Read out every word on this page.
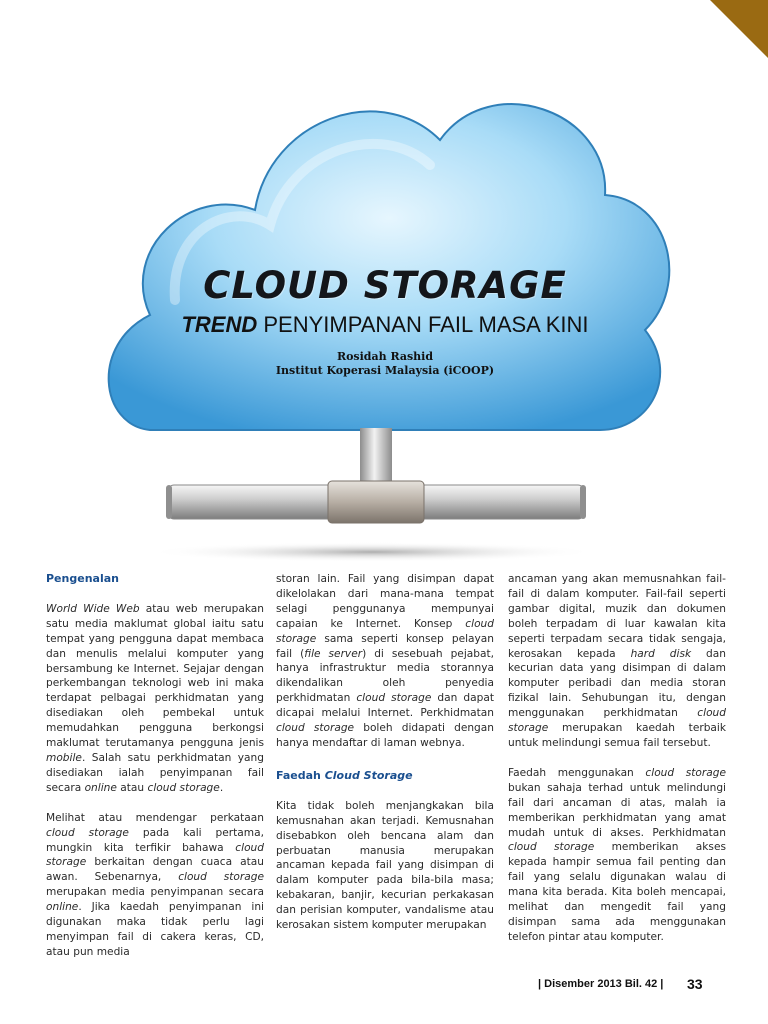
CLOUD STORAGE

TREND PENYIMPANAN FAIL MASA KINI

Rosidah Rashid
Institut Koperasi Malaysia (iCOOP)
Pengenalan

World Wide Web atau web merupakan satu media maklumat global iaitu satu tempat yang pengguna dapat membaca dan menulis melalui komputer yang bersambung ke Internet. Sejajar dengan perkembangan teknologi web ini maka terdapat pelbagai perkhidmatan yang disediakan oleh pembekal untuk memudahkan pengguna berkongsi maklumat terutamanya pengguna jenis mobile. Salah satu perkhidmatan yang disediakan ialah penyimpanan fail secara online atau cloud storage.

Melihat atau mendengar perkataan cloud storage pada kali pertama, mungkin kita terfikir bahawa cloud storage berkaitan dengan cuaca atau awan. Sebenarnya, cloud storage merupakan media penyimpanan secara online. Jika kaedah penyimpanan ini digunakan maka tidak perlu lagi menyimpan fail di cakera keras, CD, atau pun media

storan lain. Fail yang disimpan dapat dikelolakan dari mana-mana tempat selagi penggunanya mempunyai capaian ke Internet. Konsep cloud storage sama seperti konsep pelayan fail (file server) di sesebuah pejabat, hanya infrastruktur media storannya dikendalikan oleh penyedia perkhidmatan cloud storage dan dapat dicapai melalui Internet. Perkhidmatan cloud storage boleh didapati dengan hanya mendaftar di laman webnya.

Faedah Cloud Storage

Kita tidak boleh menjangkakan bila kemusnahan akan terjadi. Kemusnahan disebabkon oleh bencana alam dan perbuatan manusia merupakan ancaman kepada fail yang disimpan di dalam komputer pada bila-bila masa; kebakaran, banjir, kecurian perkakasan dan perisian komputer, vandalisme atau kerosakan sistem komputer merupakan

ancaman yang akan memusnahkan fail-fail di dalam komputer. Fail-fail seperti gambar digital, muzik dan dokumen boleh terpadam di luar kawalan kita seperti terpadam secara tidak sengaja, kerosakan kepada hard disk dan kecurian data yang disimpan di dalam komputer peribadi dan media storan fizikal lain. Sehubungan itu, dengan menggunakan perkhidmatan cloud storage merupakan kaedah terbaik untuk melindungi semua fail tersebut.

Faedah menggunakan cloud storage bukan sahaja terhad untuk melindungi fail dari ancaman di atas, malah ia memberikan perkhidmatan yang amat mudah untuk di akses. Perkhidmatan cloud storage memberikan akses kepada hampir semua fail penting dan fail yang selalu digunakan walau di mana kita berada. Kita boleh mencapai, melihat dan mengedit fail yang disimpan sama ada menggunakan telefon pintar atau komputer.

| Disember 2013 Bil. 42 | 33
